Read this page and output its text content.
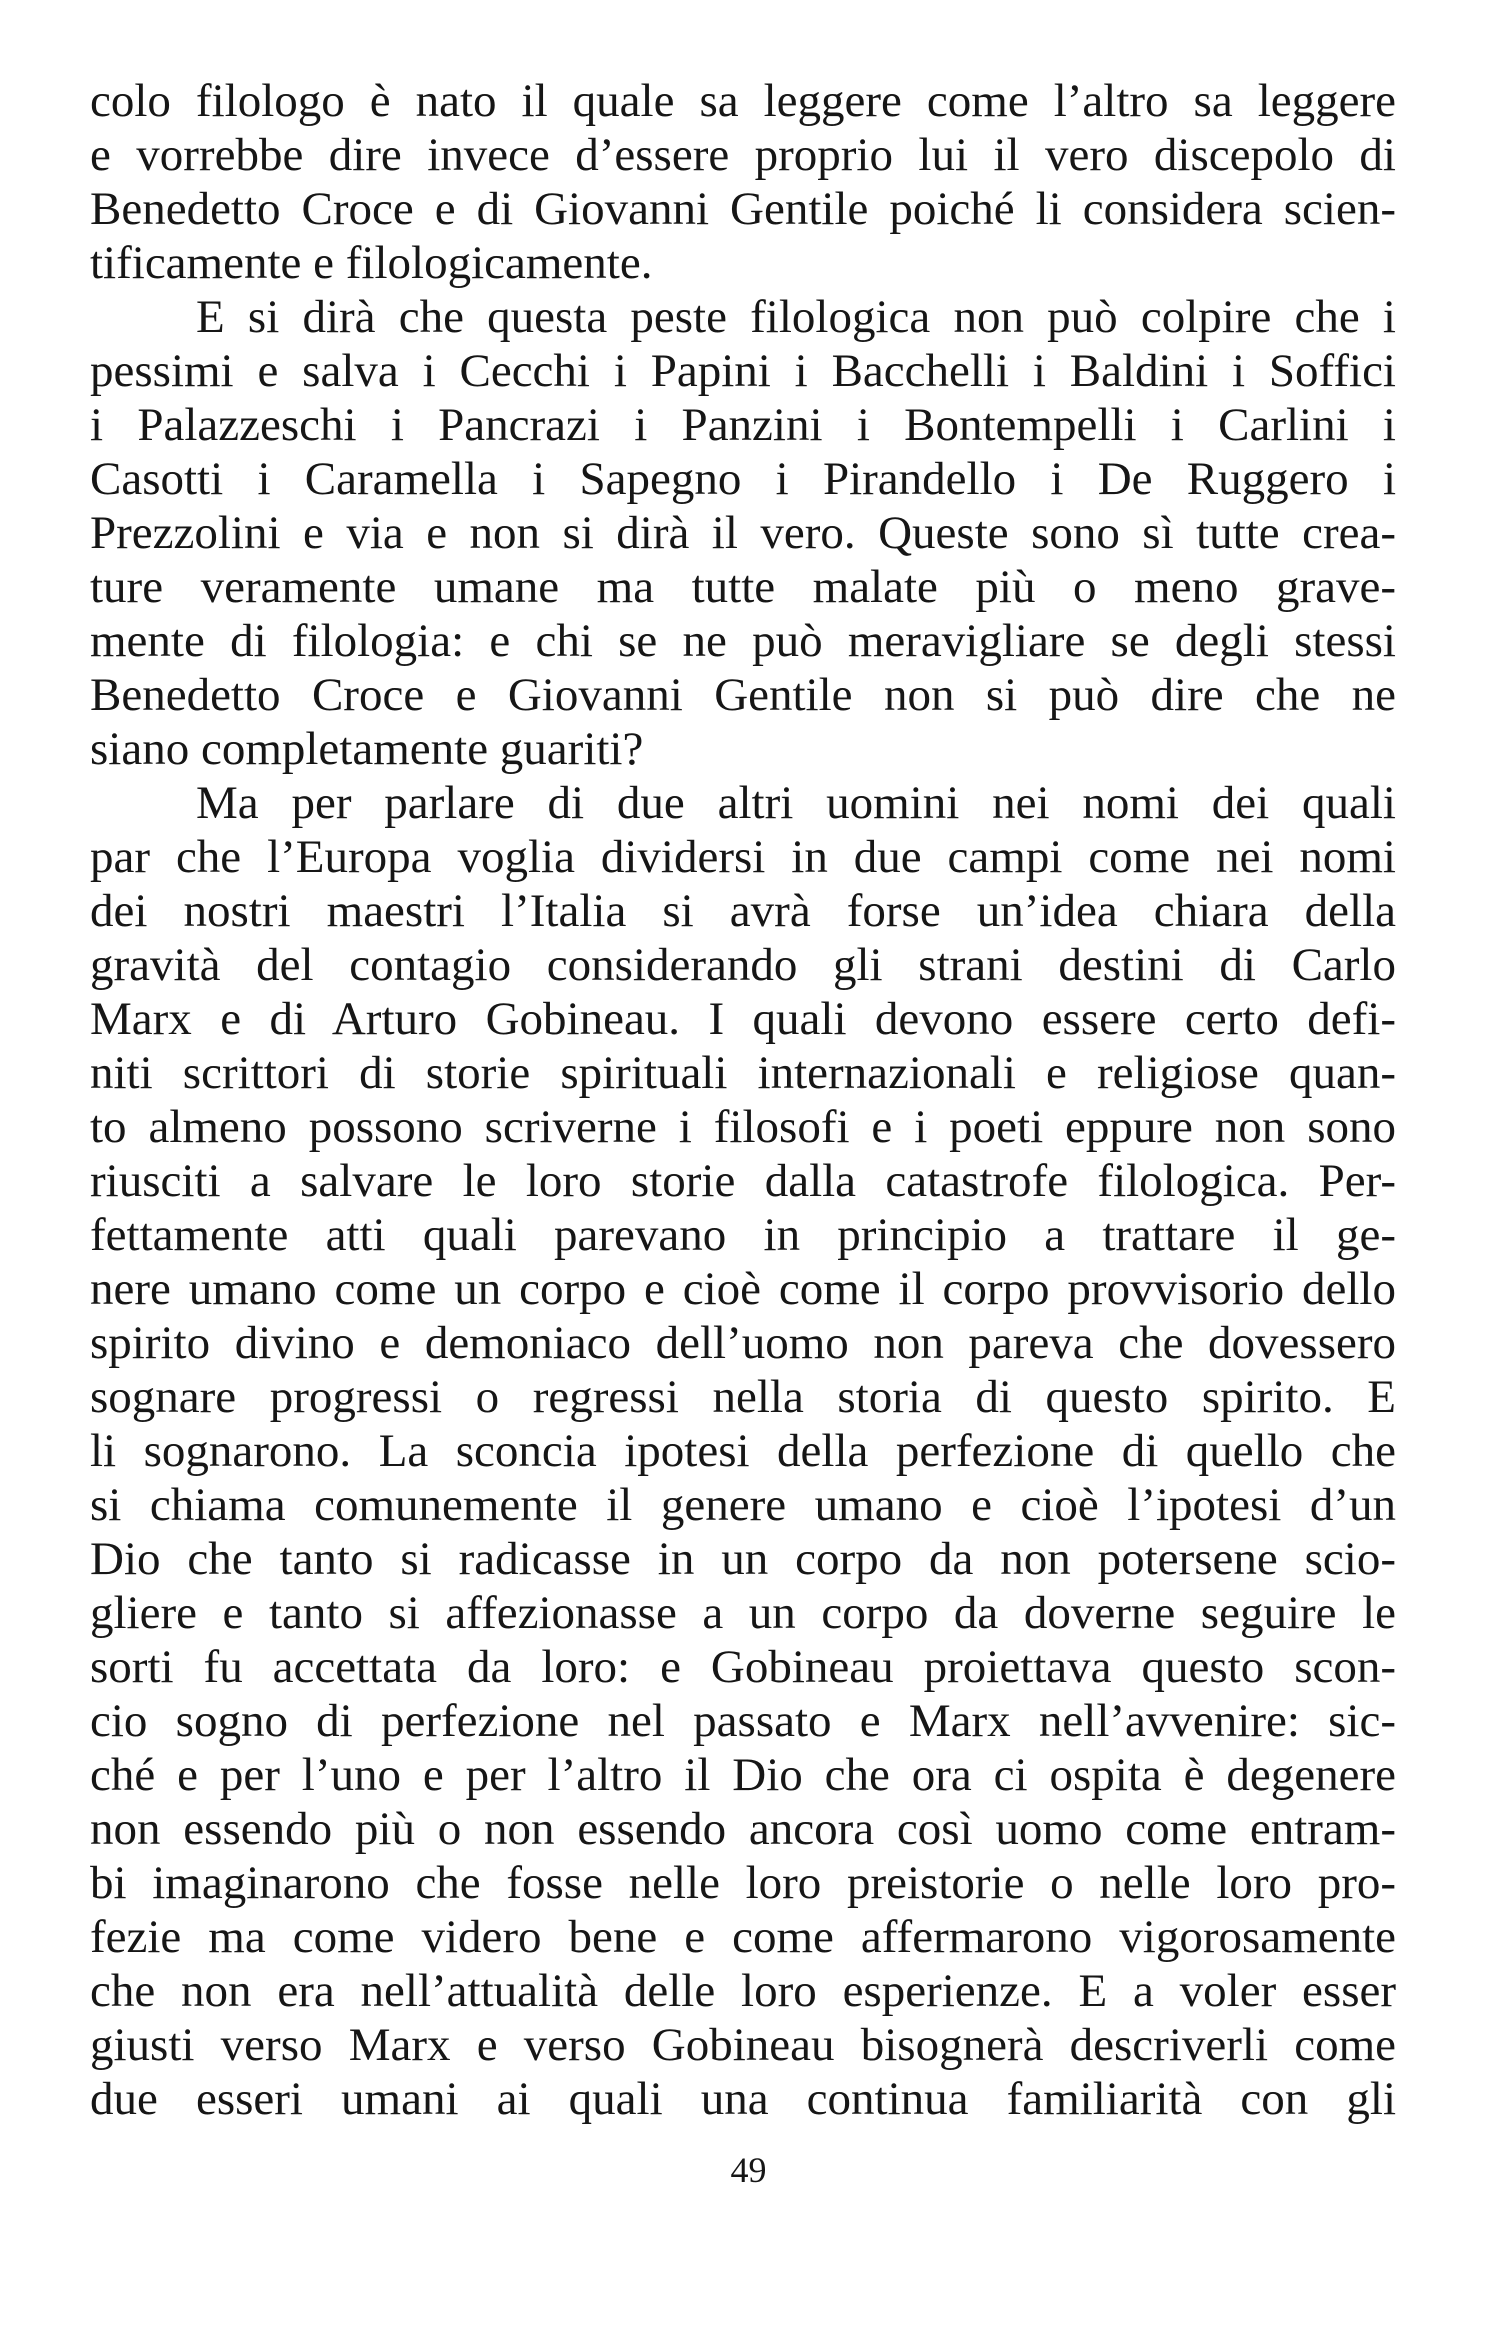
colo filologo è nato il quale sa leggere come l’altro sa leggere
e vorrebbe dire invece d’essere proprio lui il vero discepolo di
Benedetto Croce e di Giovanni Gentile poiché li considera scien-
tificamente e filologicamente.
E si dirà che questa peste filologica non può colpire che i
pessimi e salva i Cecchi i Papini i Bacchelli i Baldini i Soffici
i Palazzeschi i Pancrazi i Panzini i Bontempelli i Carlini i
Casotti i Caramella i Sapegno i Pirandello i De Ruggero i
Prezzolini e via e non si dirà il vero. Queste sono sì tutte crea-
ture veramente umane ma tutte malate più o meno grave-
mente di filologia: e chi se ne può meravigliare se degli stessi
Benedetto Croce e Giovanni Gentile non si può dire che ne
siano completamente guariti?
Ma per parlare di due altri uomini nei nomi dei quali
par che l’Europa voglia dividersi in due campi come nei nomi
dei nostri maestri l’Italia si avrà forse un’idea chiara della
gravità del contagio considerando gli strani destini di Carlo
Marx e di Arturo Gobineau. I quali devono essere certo defi-
niti scrittori di storie spirituali internazionali e religiose quan-
to almeno possono scriverne i filosofi e i poeti eppure non sono
riusciti a salvare le loro storie dalla catastrofe filologica. Per-
fettamente atti quali parevano in principio a trattare il ge-
nere umano come un corpo e cioè come il corpo provvisorio dello
spirito divino e demoniaco dell’uomo non pareva che dovessero
sognare progressi o regressi nella storia di questo spirito. E
li sognarono. La sconcia ipotesi della perfezione di quello che
si chiama comunemente il genere umano e cioè l’ipotesi d’un
Dio che tanto si radicasse in un corpo da non potersene scio-
gliere e tanto si affezionasse a un corpo da doverne seguire le
sorti fu accettata da loro: e Gobineau proiettava questo scon-
cio sogno di perfezione nel passato e Marx nell’avvenire: sic-
ché e per l’uno e per l’altro il Dio che ora ci ospita è degenere
non essendo più o non essendo ancora così uomo come entram-
bi imaginarono che fosse nelle loro preistorie o nelle loro pro-
fezie ma come videro bene e come affermarono vigorosamente
che non era nell’attualità delle loro esperienze. E a voler esser
giusti verso Marx e verso Gobineau bisognerà descriverli come
due esseri umani ai quali una continua familiarità con gli
49
